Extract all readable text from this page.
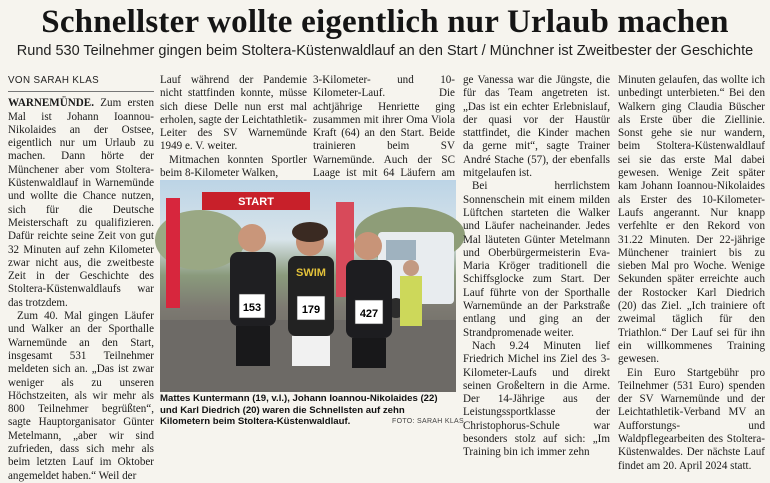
Schnellster wollte eigentlich nur Urlaub machen
Rund 530 Teilnehmer gingen beim Stoltera-Küstenwaldlauf an den Start / Münchner ist Zweitbester der Geschichte
VON SARAH KLAS

WARNEMÜNDE. Zum ersten Mal ist Johann Ioannou-Nikolaides an der Ostsee, eigentlich nur um Urlaub zu machen. Dann hörte der Münchener aber vom Stoltera-Küstenwaldlauf in Warnemünde und wollte die Chance nutzen, sich für die Deutsche Meisterschaft zu qualifizieren. Dafür reichte seine Zeit von gut 32 Minuten auf zehn Kilometer zwar nicht aus, die zweitbeste Zeit in der Geschichte des Stoltera-Küstenwaldlaufs war das trotzdem.

Zum 40. Mal gingen Läufer und Walker an der Sporthalle Warnemünde an den Start, insgesamt 531 Teilnehmer meldeten sich an. „Das ist zwar weniger als zu unseren Höchstzeiten, als wir mehr als 800 Teilnehmer begrüßten“, sagte Hauptorganisator Günter Metelmann, „aber wir sind zufrieden, dass sich mehr als beim letzten Lauf im Oktober angemeldet haben.“ Weil der

Lauf während der Pandemie nicht stattfinden konnte, müsse sich diese Delle nun erst mal erholen, sagte der Leichtathletik-Leiter des SV Warnemünde 1949 e. V. weiter.

Mitmachen konnten Sportler beim 8-Kilometer Walken,

3-Kilometer- und 10-Kilometer-Lauf. Die achtjährige Henriette ging zusammen mit ihrer Oma Viola Kraft (64) an den Start. Beide trainieren beim SV Warnemünde. Auch der SC Laage ist mit 64 Läufern am

START
153
SWIM
179	427
Mattes Kuntermann (19, v.l.), Johann Ioannou-Nikolaides (22) und Karl Diedrich (20) waren die Schnellsten auf zehn Kilometern beim Stoltera-Küstenwaldlauf.	FOTO: SARAH KLAS

ge Vanessa war die Jüngste, die für das Team angetreten ist. „Das ist ein echter Erlebnislauf, der quasi vor der Haustür stattfindet, die Kinder machen da gerne mit“, sagte Trainer André Stache (57), der ebenfalls mitgelaufen ist.

Bei herrlichstem Sonnenschein mit einem milden Lüftchen starteten die Walker und Läufer nacheinander. Jedes Mal läuteten Günter Metelmann und Oberbürgermeisterin Eva-Maria Kröger traditionell die Schiffsglocke zum Start. Der Lauf führte von der Sporthalle Warnemünde an der Parkstraße entlang und ging an der Strandpromenade weiter.

Nach 9.24 Minuten lief Friedrich Michel ins Ziel des 3-Kilometer-Laufs und direkt seinen Großeltern in die Arme. Der 14-Jährige aus der Leistungssportklasse der Christophorus-Schule war besonders stolz auf sich: „Im Training bin ich immer zehn

Minuten gelaufen, das wollte ich unbedingt unterbieten.“ Bei den Walkern ging Claudia Büscher als Erste über die Ziellinie. Sonst gehe sie nur wandern, beim Stoltera-Küstenwaldlauf sei sie das erste Mal dabei gewesen. Wenige Zeit später kam Johann Ioannou-Nikolaides als Erster des 10-Kilometer-Laufs angerannt. Nur knapp verfehlte er den Rekord von 31.22 Minuten. Der 22-jährige Münchener trainiert bis zu sieben Mal pro Woche. Wenige Sekunden später erreichte auch der Rostocker Karl Diedrich (20) das Ziel. „Ich trainiere oft zweimal täglich für den Triathlon.“ Der Lauf sei für ihn ein willkommenes Training gewesen.

Ein Euro Startgebühr pro Teilnehmer (531 Euro) spenden der SV Warnemünde und der Leichtathletik-Verband MV an Aufforstungs- und Waldpflegearbeiten des Stoltera-Küstenwaldes. Der nächste Lauf findet am 20. April 2024 statt.
